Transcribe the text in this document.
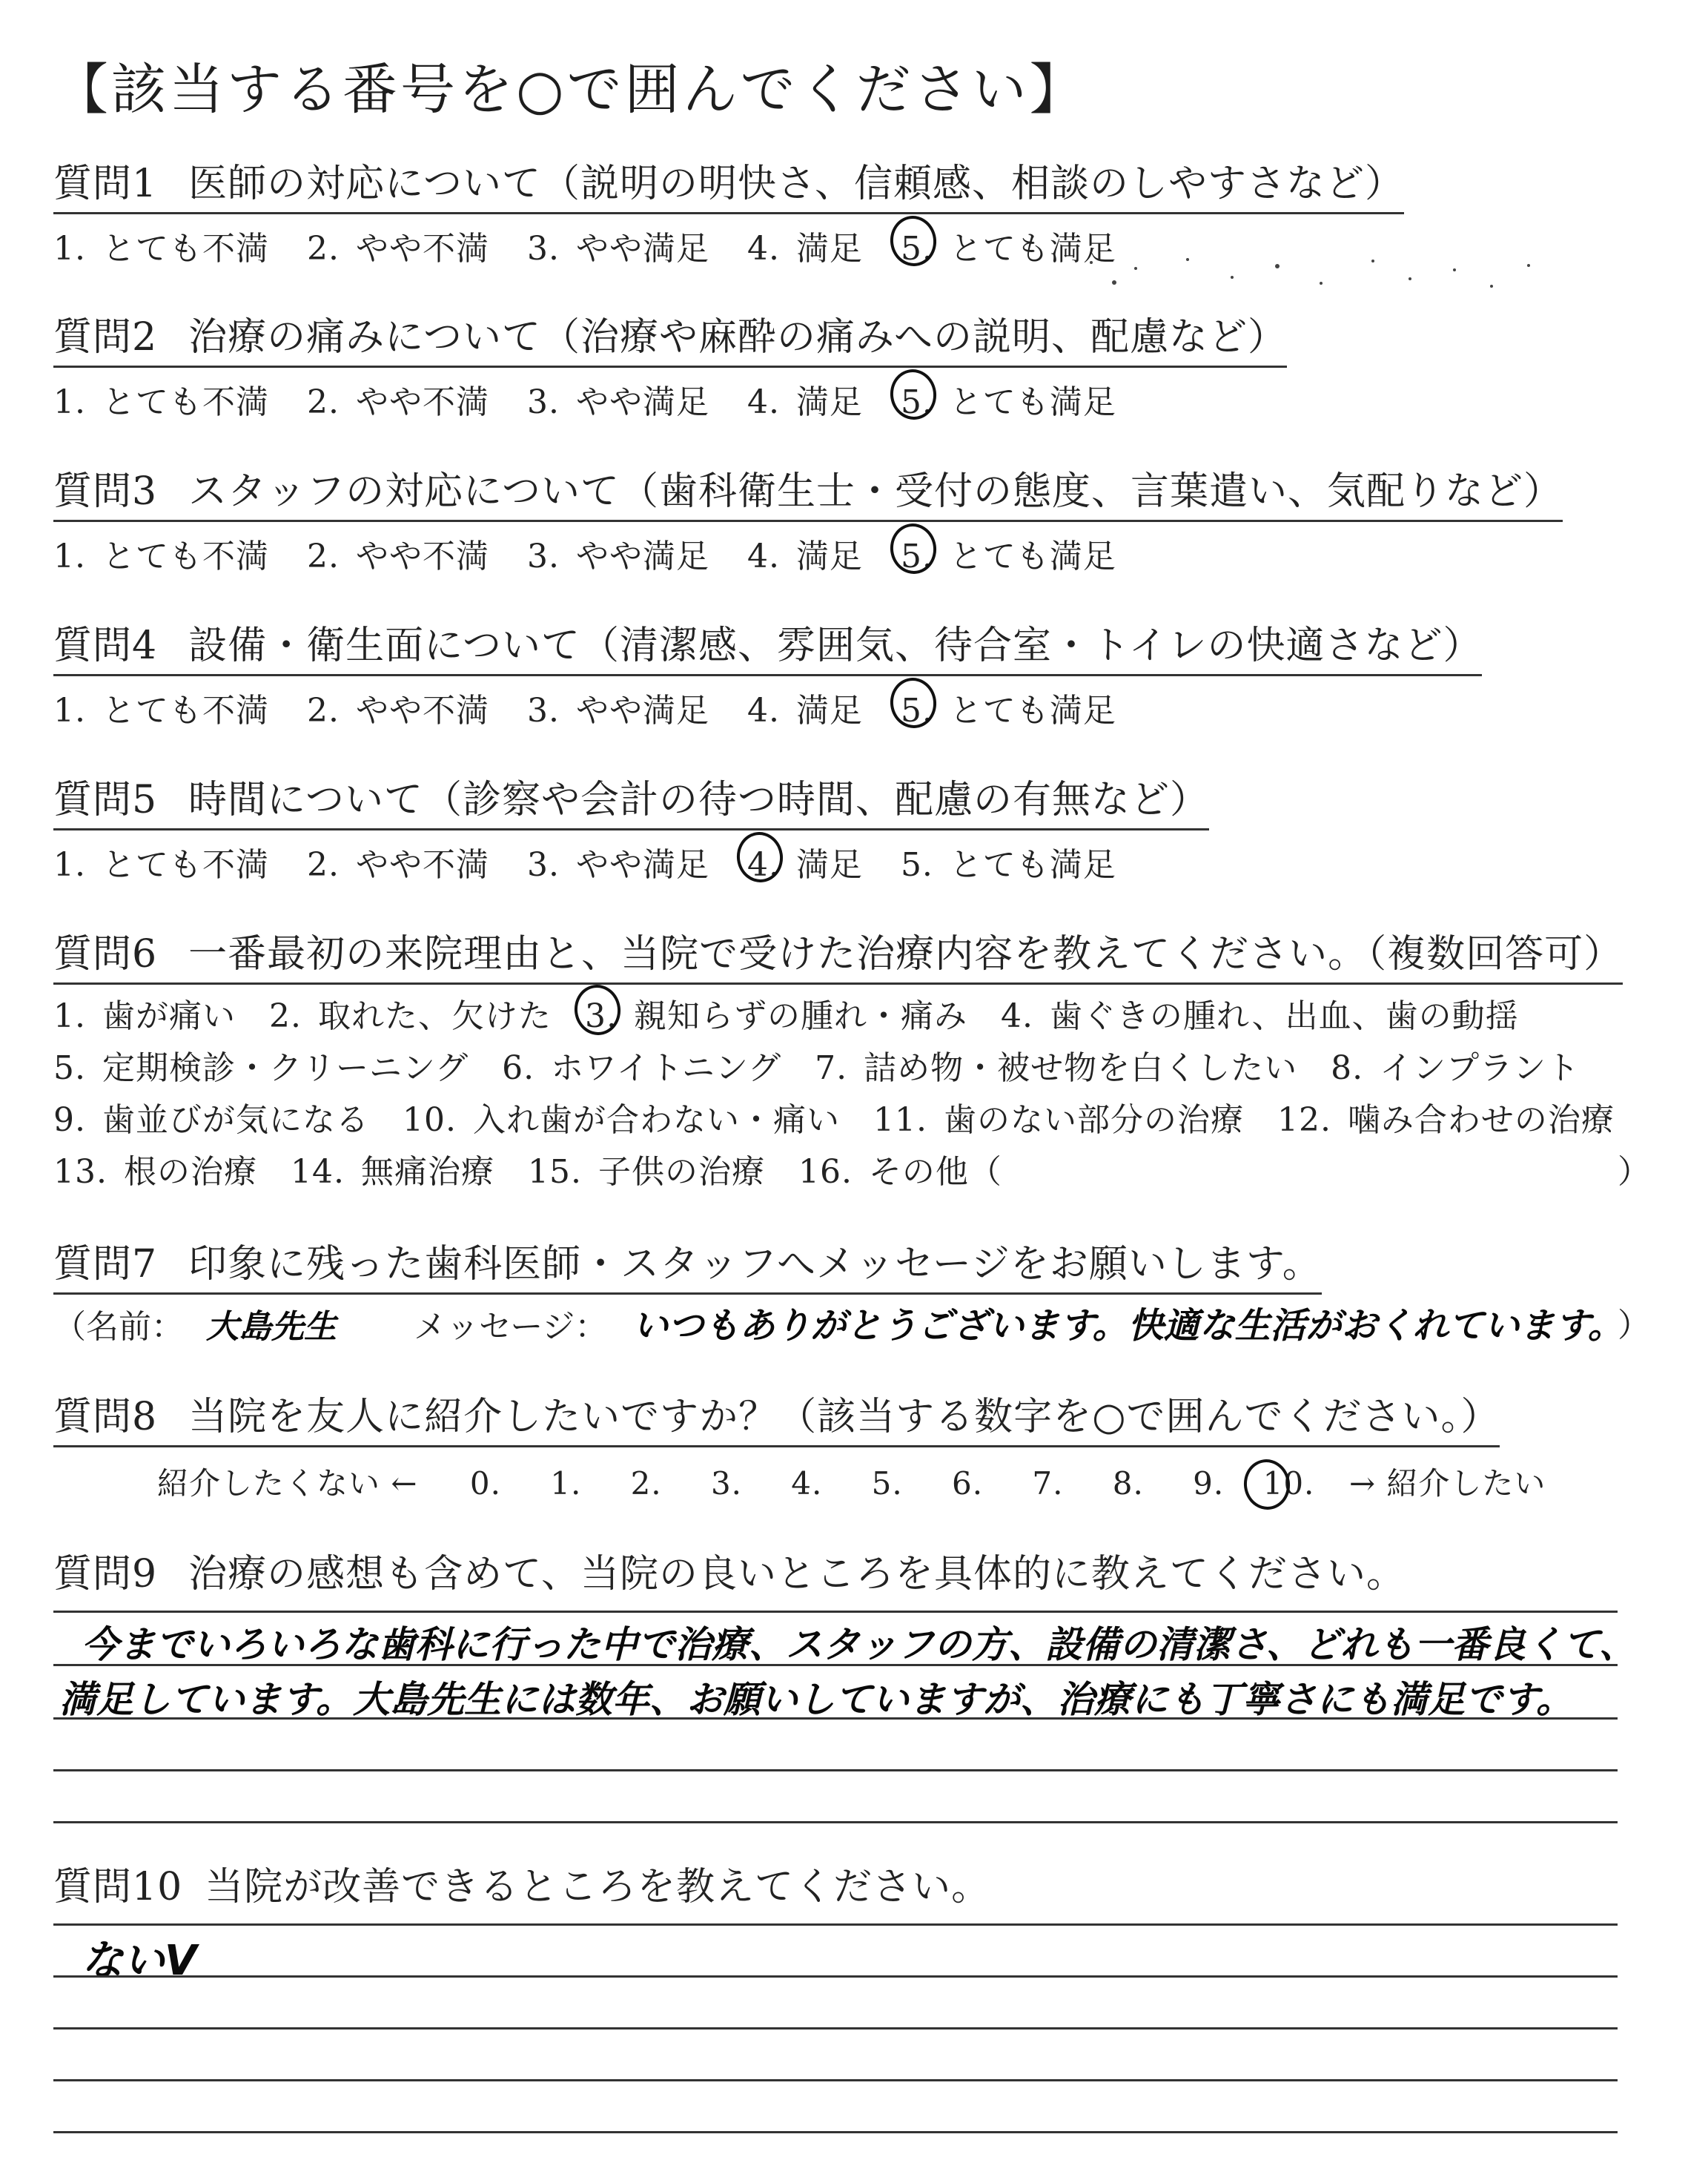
【該当する番号を○で囲んでください】
質問1 医師の対応について（説明の明快さ、信頼感、相談のしやすさなど）
1. とても不満 2. やや不満 3. やや満足 4. 満足 5. とても満足
質問2 治療の痛みについて（治療や麻酔の痛みへの説明、配慮など）
1. とても不満 2. やや不満 3. やや満足 4. 満足 5. とても満足
質問3 スタッフの対応について（歯科衛生士・受付の態度、言葉遣い、気配りなど）
1. とても不満 2. やや不満 3. やや満足 4. 満足 5. とても満足
質問4 設備・衛生面について（清潔感、雰囲気、待合室・トイレの快適さなど）
1. とても不満 2. やや不満 3. やや満足 4. 満足 5. とても満足
質問5 時間について（診察や会計の待つ時間、配慮の有無など）
1. とても不満 2. やや不満 3. やや満足 4. 満足 5. とても満足
質問6 一番最初の来院理由と、当院で受けた治療内容を教えてください。（複数回答可）
1. 歯が痛い 2. 取れた、欠けた 3. 親知らずの腫れ・痛み 4. 歯ぐきの腫れ、出血、歯の動揺
5. 定期検診・クリーニング 6. ホワイトニング 7. 詰め物・被せ物を白くしたい 8. インプラント
9. 歯並びが気になる 10. 入れ歯が合わない・痛い 11. 歯のない部分の治療 12. 噛み合わせの治療
13. 根の治療 14. 無痛治療 15. 子供の治療 16. その他（	）
質問7 印象に残った歯科医師・スタッフへメッセージをお願いします。
（名前： 大島先生 メッセージ： いつもありがとうございます。快適な生活がおくれています。
）
質問8 当院を友人に紹介したいですか？（該当する数字を○で囲んでください。）
紹介したくない ← 0. 1. 2. 3. 4. 5. 6. 7. 8. 9. 10. → 紹介したい
質問9 治療の感想も含めて、当院の良いところを具体的に教えてください。
今までいろいろな歯科に行った中で治療、スタッフの方、設備の清潔さ、どれも一番良くて、
満足しています。大島先生には数年、お願いしていますが、治療にも丁寧さにも満足です。
質問10 当院が改善できるところを教えてください。
ないV
